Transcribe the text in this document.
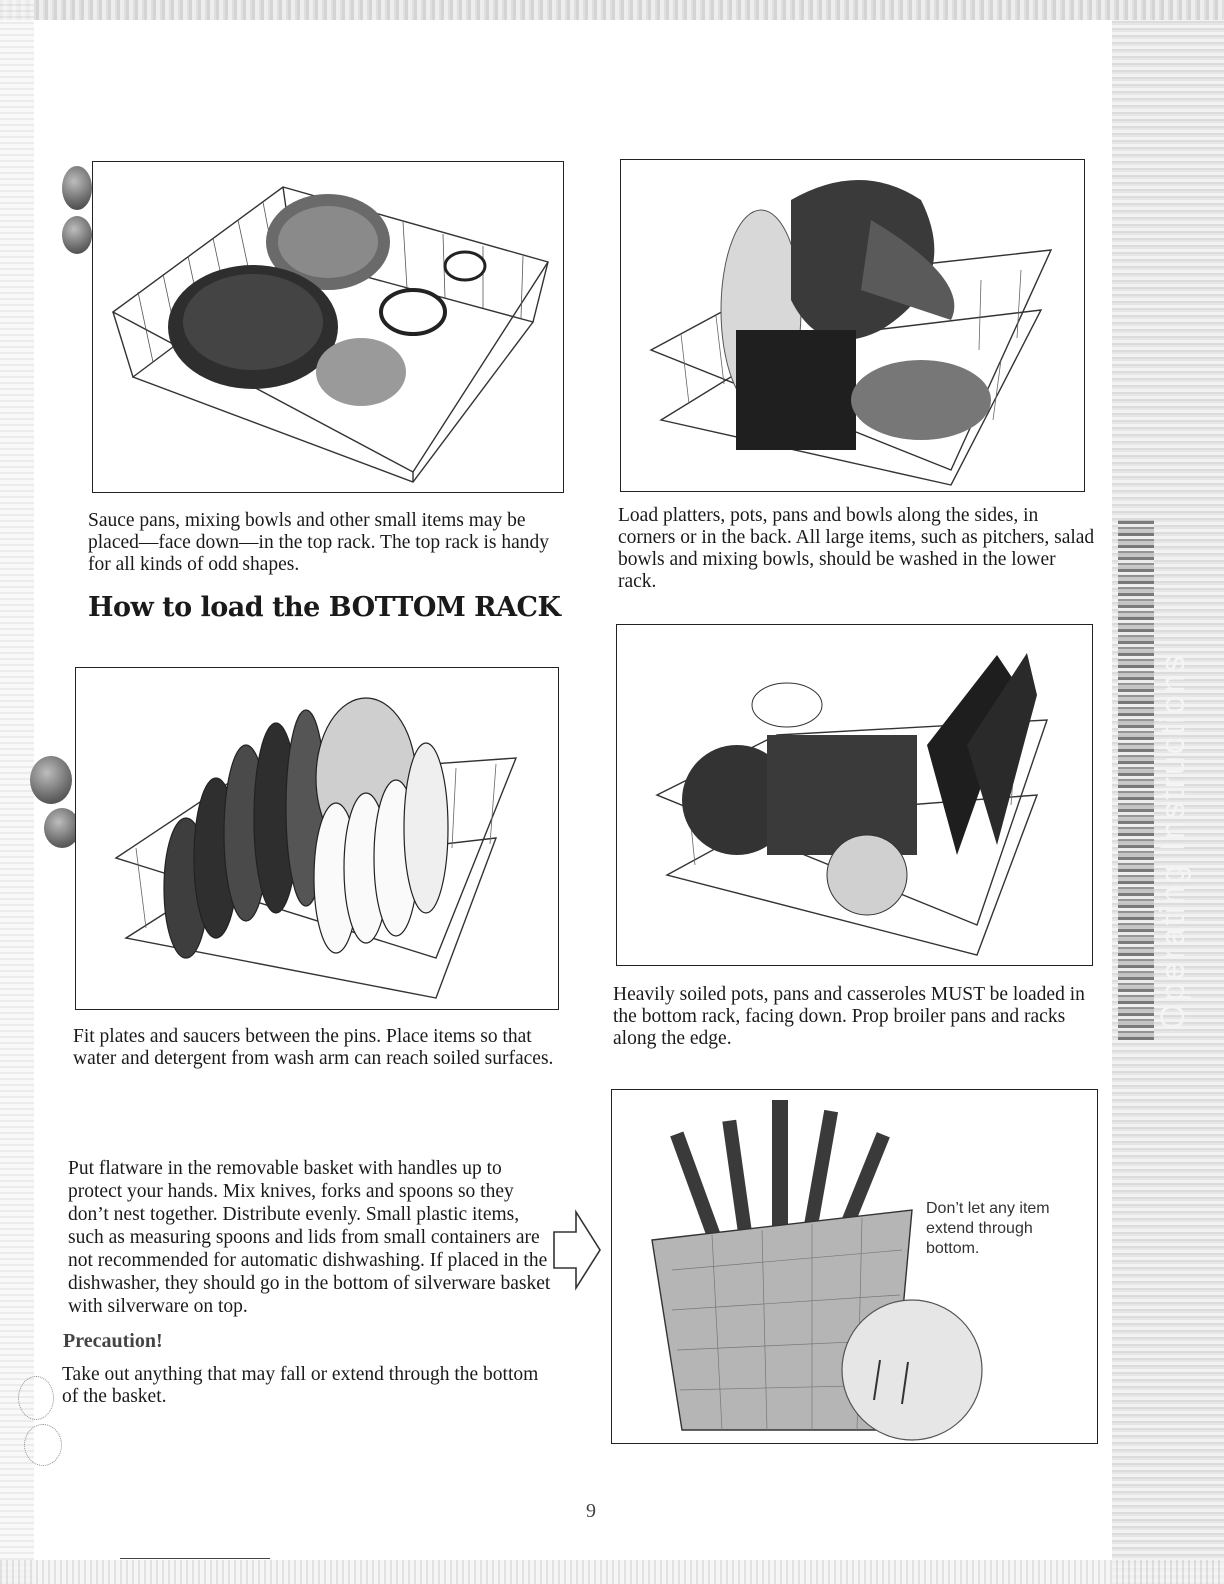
Operating Instructions

Sauce pans, mixing bowls and other small items may be placed—face down—in the top rack. The top rack is handy for all kinds of odd shapes.

Load platters, pots, pans and bowls along the sides, in corners or in the back. All large items, such as pitchers, salad bowls and mixing bowls, should be washed in the lower rack.

How to load the BOTTOM RACK

Fit plates and saucers between the pins. Place items so that water and detergent from wash arm can reach soiled surfaces.

Heavily soiled pots, pans and casseroles MUST be loaded in the bottom rack, facing down. Prop broiler pans and racks along the edge.

Put flatware in the removable basket with handles up to protect your hands. Mix knives, forks and spoons so they don’t nest together. Distribute evenly. Small plastic items, such as measuring spoons and lids from small containers are not recommended for automatic dishwashing. If placed in the dishwasher, they should go in the bottom of silverware basket with silverware on top.

Precaution!

Take out anything that may fall or extend through the bottom of the basket.

Don’t let any item extend through bottom.
9
